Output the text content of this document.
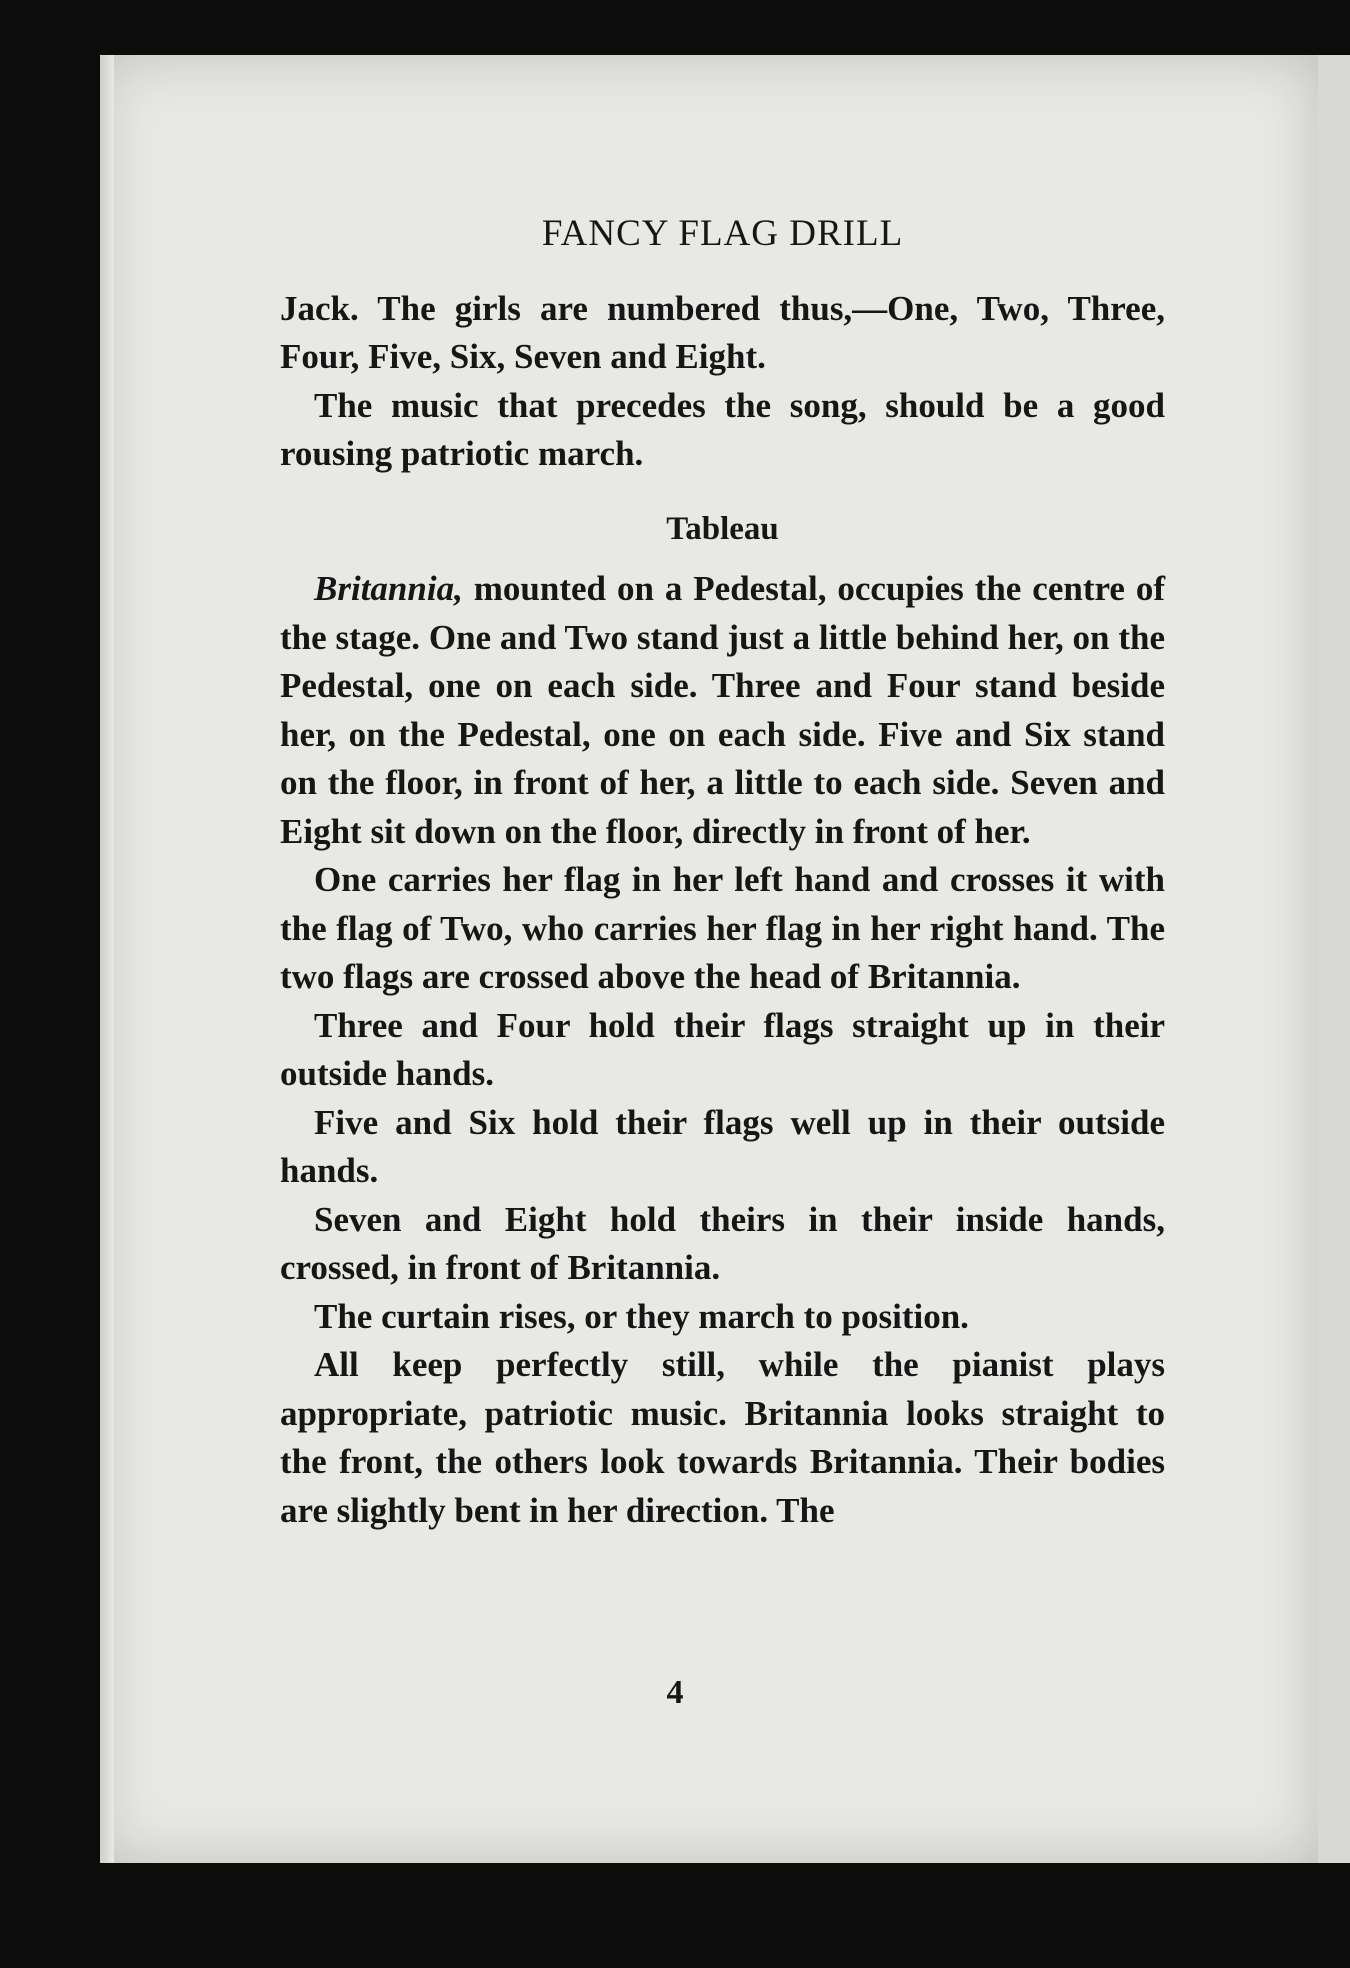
FANCY FLAG DRILL

Jack. The girls are numbered thus,—One, Two, Three, Four, Five, Six, Seven and Eight.

The music that precedes the song, should be a good rousing patriotic march.

Tableau

Britannia, mounted on a Pedestal, occupies the centre of the stage. One and Two stand just a little behind her, on the Pedestal, one on each side. Three and Four stand beside her, on the Pedestal, one on each side. Five and Six stand on the floor, in front of her, a little to each side. Seven and Eight sit down on the floor, directly in front of her.

One carries her flag in her left hand and crosses it with the flag of Two, who carries her flag in her right hand. The two flags are crossed above the head of Britannia.

Three and Four hold their flags straight up in their outside hands.

Five and Six hold their flags well up in their outside hands.

Seven and Eight hold theirs in their inside hands, crossed, in front of Britannia.

The curtain rises, or they march to position.

All keep perfectly still, while the pianist plays appropriate, patriotic music. Britannia looks straight to the front, the others look towards Britannia. Their bodies are slightly bent in her direction. The

4
